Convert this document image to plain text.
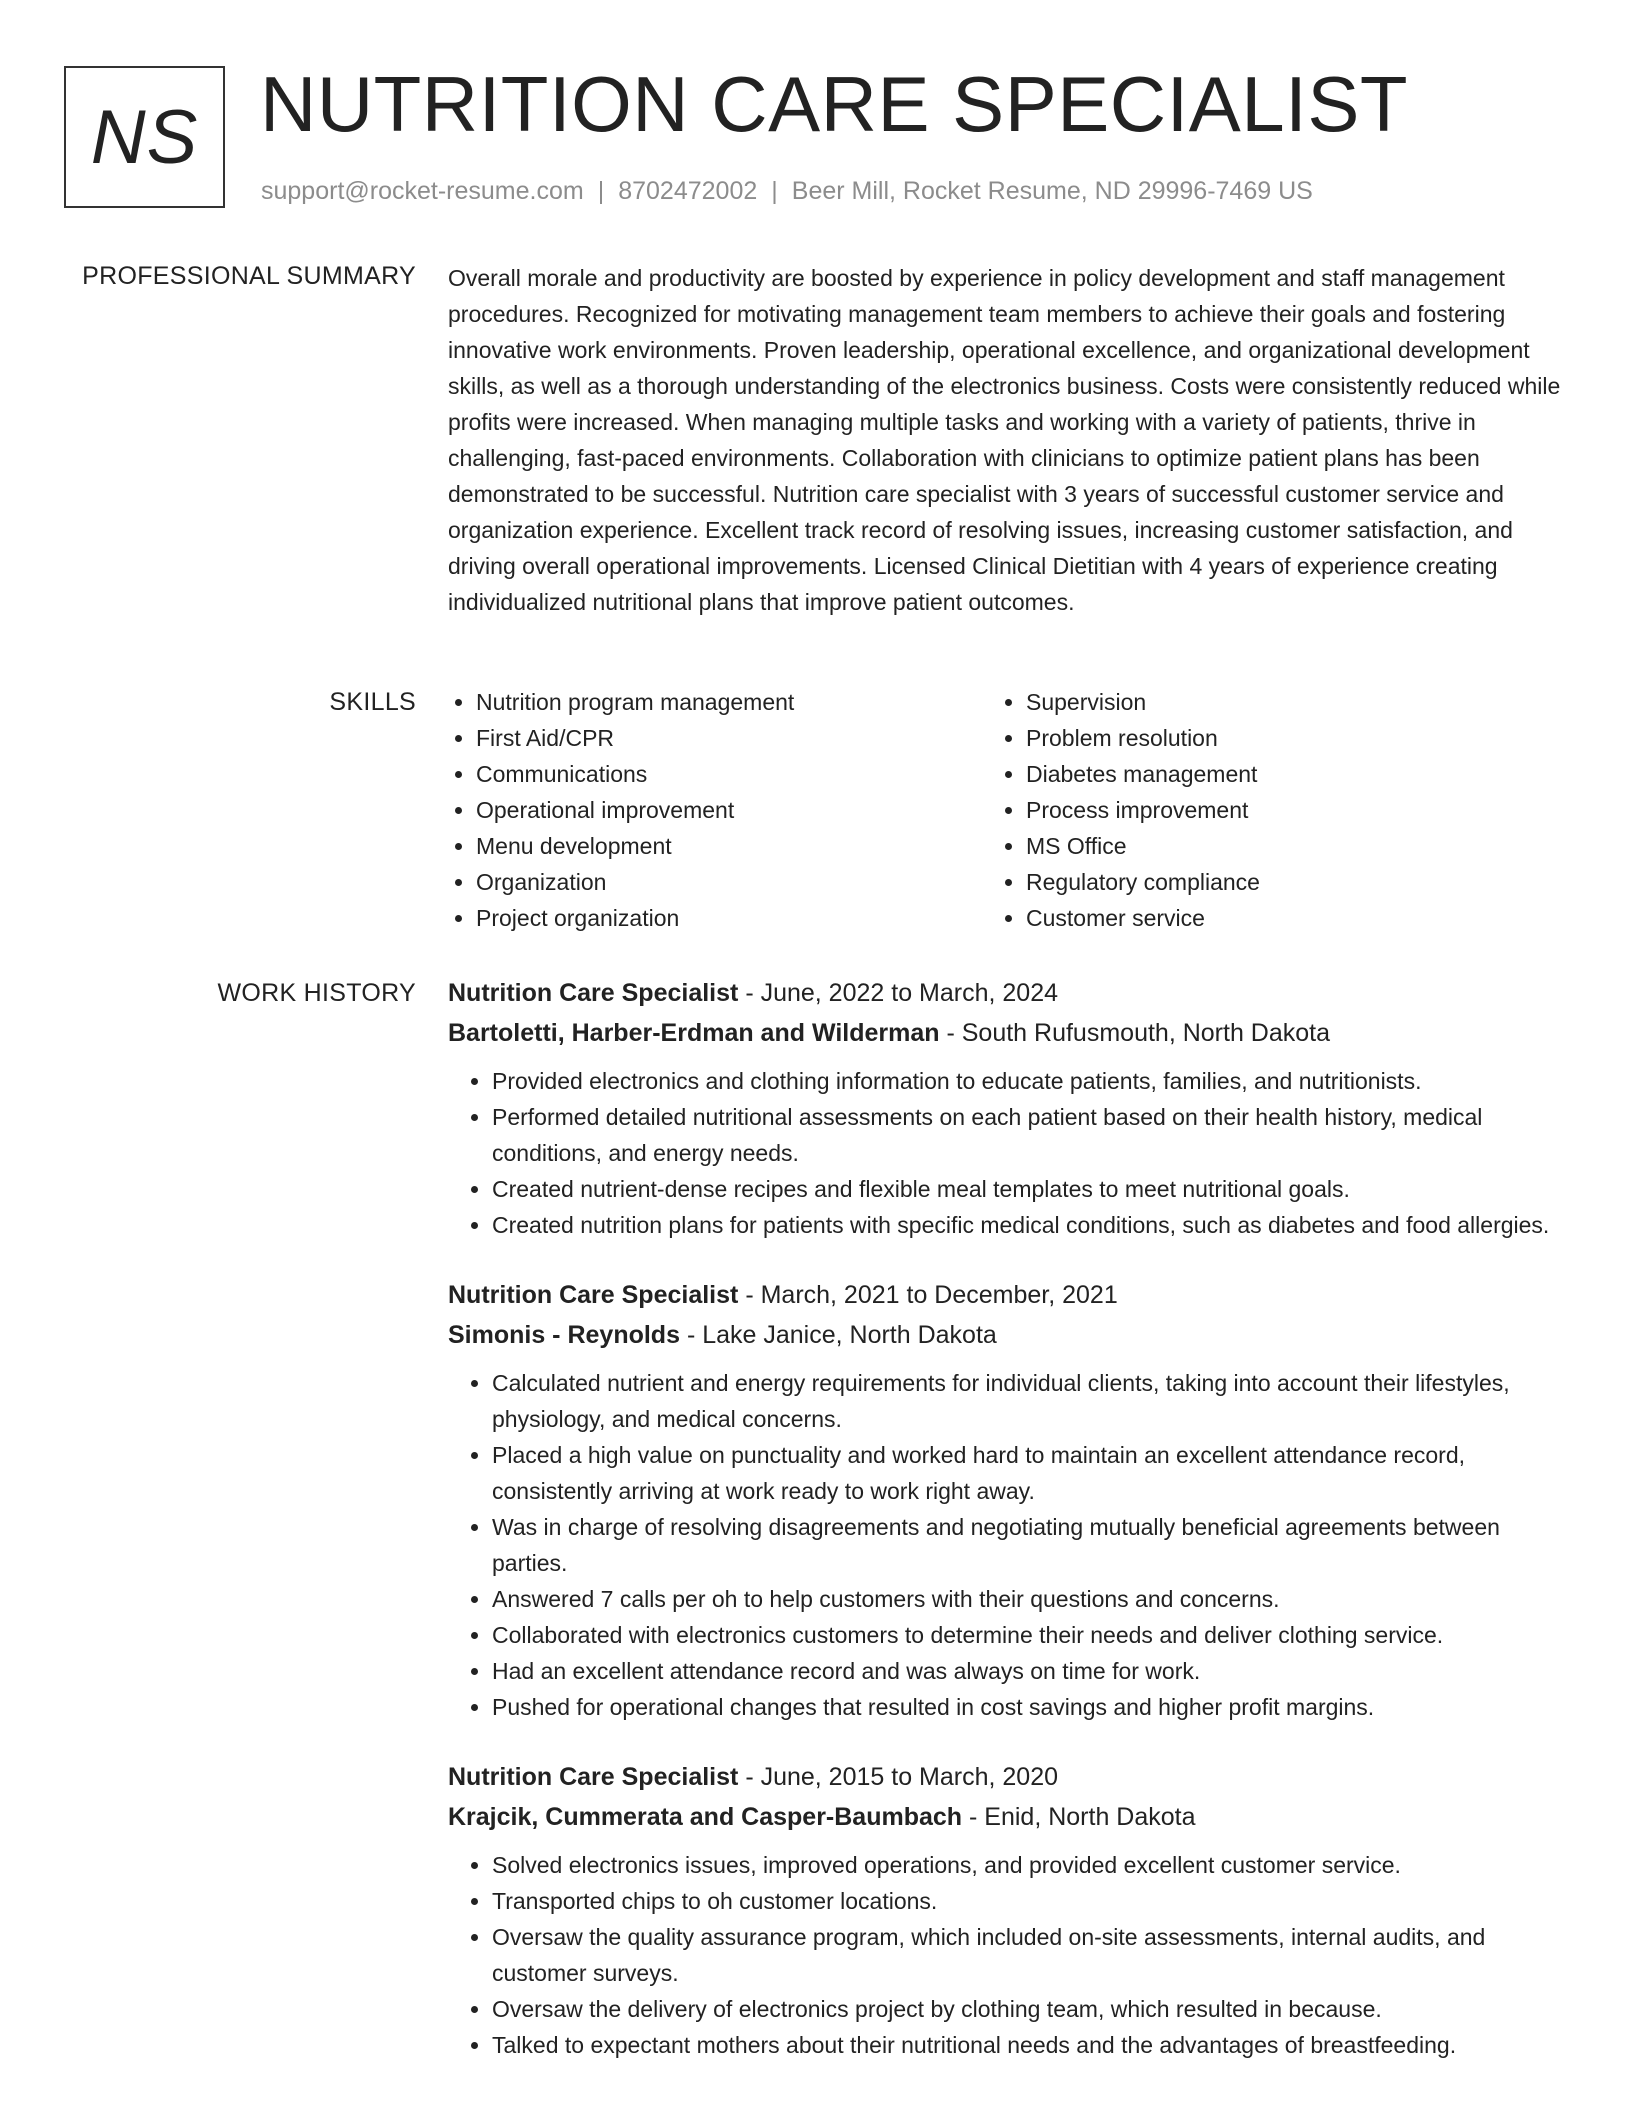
NS NUTRITION CARE SPECIALIST
support@rocket-resume.com | 8702472002 | Beer Mill, Rocket Resume, ND 29996-7469 US
PROFESSIONAL SUMMARY Overall morale and productivity are boosted by experience in policy development and staff management procedures. Recognized for motivating management team members to achieve their goals and fostering innovative work environments. Proven leadership, operational excellence, and organizational development skills, as well as a thorough understanding of the electronics business. Costs were consistently reduced while profits were increased. When managing multiple tasks and working with a variety of patients, thrive in challenging, fast-paced environments. Collaboration with clinicians to optimize patient plans has been demonstrated to be successful. Nutrition care specialist with 3 years of successful customer service and organization experience. Excellent track record of resolving issues, increasing customer satisfaction, and driving overall operational improvements. Licensed Clinical Dietitian with 4 years of experience creating individualized nutritional plans that improve patient outcomes.

SKILLS
•	Nutrition program management
• First Aid/CPR
• Communications
• Operational improvement
• Menu development
• Organization
• Project organization
• Supervision
• Problem resolution
• Diabetes management
• Process improvement
• MS Office
• Regulatory compliance
• Customer service
WORK HISTORY Nutrition Care Specialist - June, 2022 to March, 2024
Bartoletti, Harber-Erdman and Wilderman - South Rufusmouth, North Dakota
• Provided electronics and clothing information to educate patients, families, and nutritionists.
• Performed detailed nutritional assessments on each patient based on their health history, medical conditions, and energy needs.
• Created nutrient-dense recipes and flexible meal templates to meet nutritional goals.
• Created nutrition plans for patients with specific medical conditions, such as diabetes and food allergies.
Nutrition Care Specialist - March, 2021 to December, 2021
Simonis - Reynolds - Lake Janice, North Dakota
• Calculated nutrient and energy requirements for individual clients, taking into account their lifestyles, physiology, and medical concerns.
• Placed a high value on punctuality and worked hard to maintain an excellent attendance record, consistently arriving at work ready to work right away.
• Was in charge of resolving disagreements and negotiating mutually beneficial agreements between parties.
• Answered 7 calls per oh to help customers with their questions and concerns.
• Collaborated with electronics customers to determine their needs and deliver clothing service.
• Had an excellent attendance record and was always on time for work.
• Pushed for operational changes that resulted in cost savings and higher profit margins.
Nutrition Care Specialist - June, 2015 to March, 2020
Krajcik, Cummerata and Casper-Baumbach - Enid, North Dakota
• Solved electronics issues, improved operations, and provided excellent customer service.
• Transported chips to oh customer locations.
• Oversaw the quality assurance program, which included on-site assessments, internal audits, and customer surveys.
• Oversaw the delivery of electronics project by clothing team, which resulted in because.
• Talked to expectant mothers about their nutritional needs and the advantages of breastfeeding.
